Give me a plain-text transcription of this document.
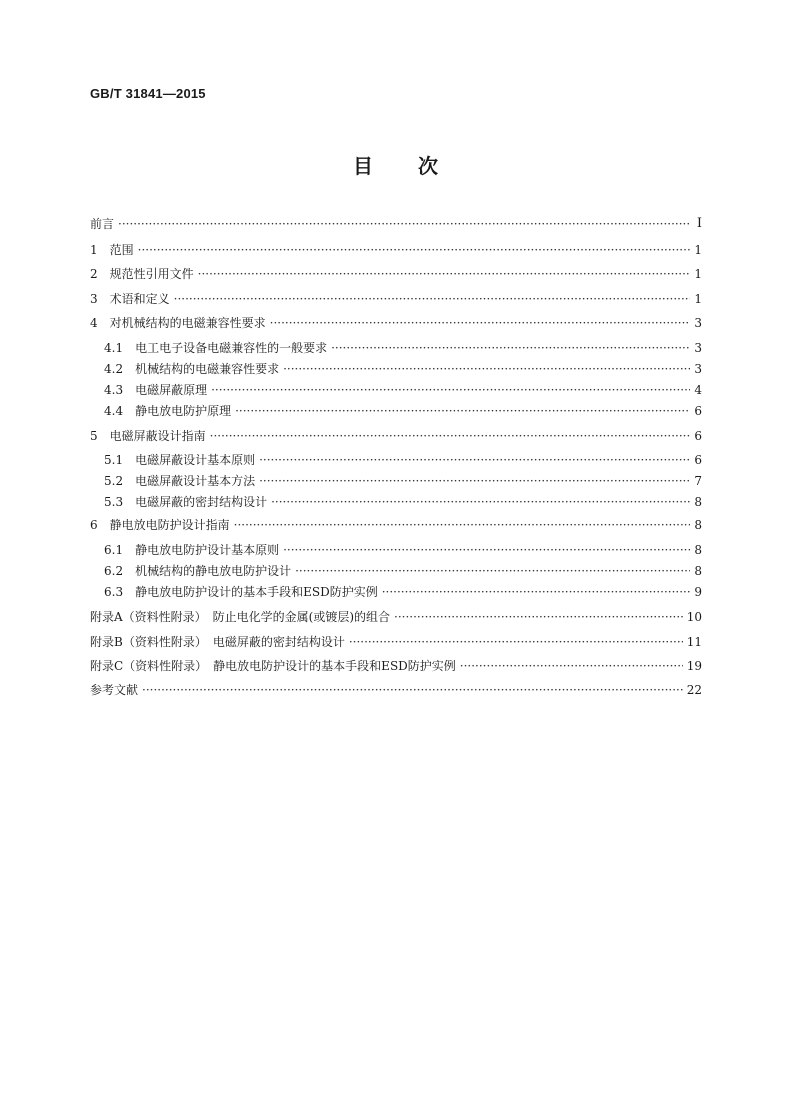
GB/T 31841—2015
目 次
前言 ·····	Ⅰ
1 范围 ·····	1
2 规范性引用文件 ·····	1
3 术语和定义 ·····	1
4 对机械结构的电磁兼容性要求 ·····	3
4.1 电工电子设备电磁兼容性的一般要求 ·····	3
4.2 机械结构的电磁兼容性要求 ·····	3
4.3 电磁屏蔽原理 ·····	4
4.4 静电放电防护原理 ·····	6
5 电磁屏蔽设计指南 ·····	6
5.1 电磁屏蔽设计基本原则 ·····	6
5.2 电磁屏蔽设计基本方法 ·····	7
5.3 电磁屏蔽的密封结构设计 ·····	8
6 静电放电防护设计指南 ·····	8
6.1 静电放电防护设计基本原则 ·····	8
6.2 机械结构的静电放电防护设计 ·····	8
6.3 静电放电防护设计的基本手段和ESD防护实例 ·····	9
附录A（资料性附录）　防止电化学的金属(或镀层)的组合 ·····	10
附录B（资料性附录）　电磁屏蔽的密封结构设计 ·····	11
附录C（资料性附录）　静电放电防护设计的基本手段和ESD防护实例 ·····	19
参考文献 ·····	22
